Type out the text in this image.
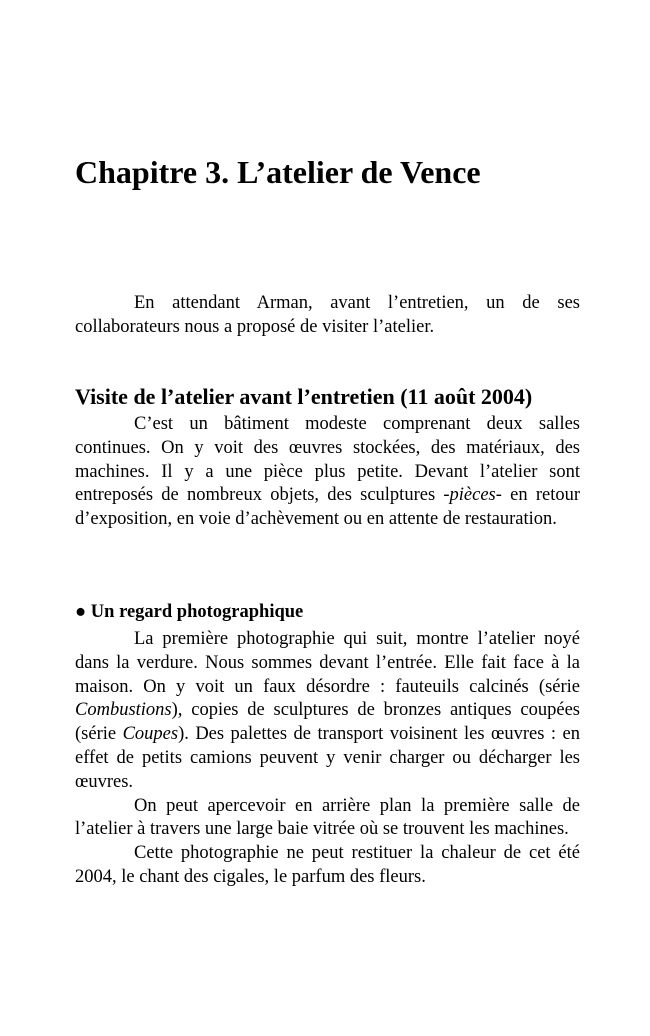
Chapitre 3. L’atelier de Vence

En attendant Arman, avant l’entretien, un de ses collaborateurs nous a proposé de visiter l’atelier.

Visite de l’atelier avant l’entretien (11 août 2004)

C’est un bâtiment modeste comprenant deux salles continues. On y voit des œuvres stockées, des matériaux, des machines. Il y a une pièce plus petite. Devant l’atelier sont entreposés de nombreux objets, des sculptures -pièces- en retour d’exposition, en voie d’achèvement ou en attente de restauration.

● Un regard photographique

La première photographie qui suit, montre l’atelier noyé dans la verdure. Nous sommes devant l’entrée. Elle fait face à la maison. On y voit un faux désordre : fauteuils calcinés (série Combustions), copies de sculptures de bronzes antiques coupées (série Coupes). Des palettes de transport voisinent les œuvres : en effet de petits camions peuvent y venir charger ou décharger les œuvres.

On peut apercevoir en arrière plan la première salle de l’atelier à travers une large baie vitrée où se trouvent les machines.

Cette photographie ne peut restituer la chaleur de cet été 2004, le chant des cigales, le parfum des fleurs.
